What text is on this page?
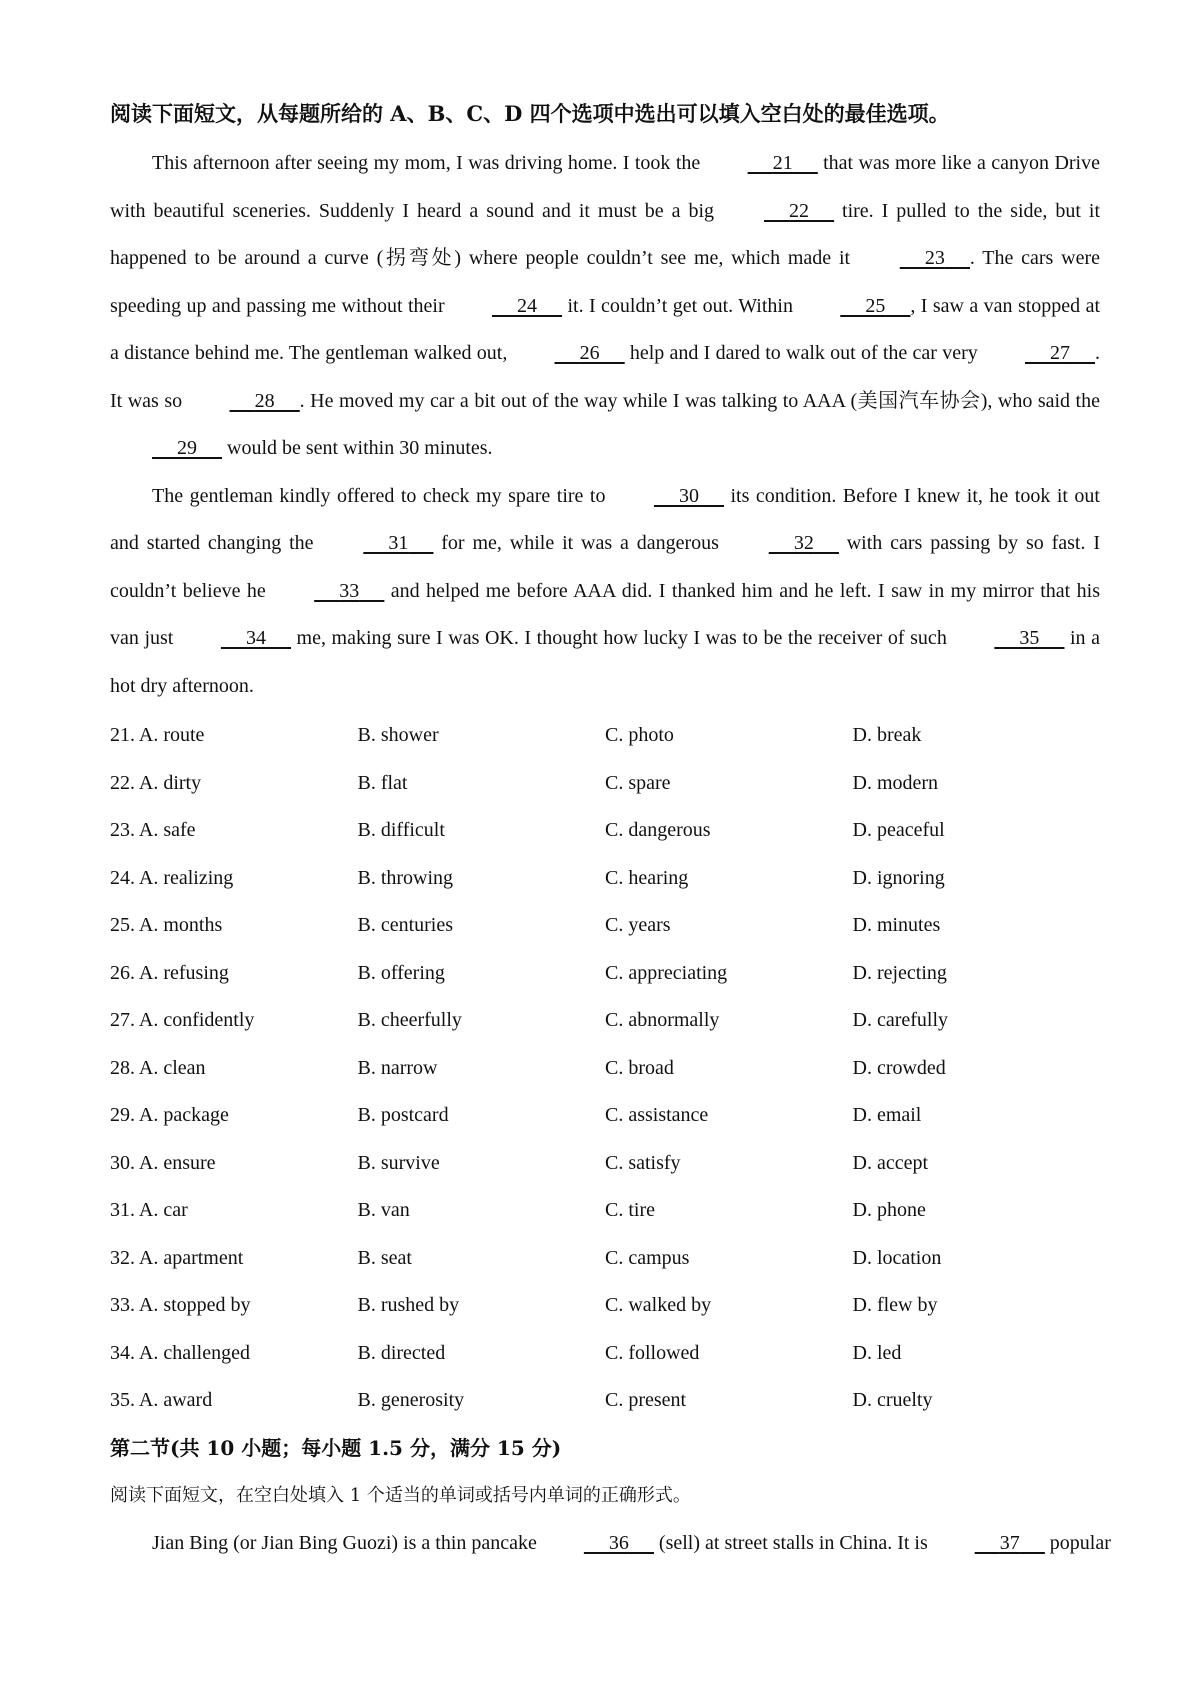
阅读下面短文，从每题所给的 A、B、C、D 四个选项中选出可以填入空白处的最佳选项。

This afternoon after seeing my mom, I was driving home. I took the	21 that was more like a canyon Drive with beautiful sceneries. Suddenly I heard a sound and it must be a big	22 tire. I pulled to the side, but it happened to be around a curve (拐弯处) where people couldn’t see me, which made it	23 . The cars were speeding up and passing me without their	24 it. I couldn’t get out. Within	25 , I saw a van stopped at a distance behind me. The gentleman walked out,	26 help and I dared to walk out of the car very	27 . It was so	28 . He moved my car a bit out of the way while I was talking to AAA (美国汽车协会), who said the 29 would be sent within 30 minutes.

The gentleman kindly offered to check my spare tire to	30 its condition. Before I knew it, he took it out and started changing the	31 for me, while it was a dangerous	32 with cars passing by so fast. I couldn’t believe he	33 and helped me before AAA did. I thanked him and he left. I saw in my mirror that his van just	34 me, making sure I was OK. I thought how lucky I was to be the receiver of such	35 in a hot dry afternoon.

21. A. route	B. shower	C. photo	D. break
22. A. dirty	B. flat	C. spare	D. modern
23. A. safe	B. difficult	C. dangerous	D. peaceful
24. A. realizing	B. throwing	C. hearing	D. ignoring
25. A. months	B. centuries	C. years	D. minutes
26. A. refusing	B. offering	C. appreciating	D. rejecting
27. A. confidently	B. cheerfully	C. abnormally	D. carefully
28. A. clean	B. narrow	C. broad	D. crowded
29. A. package	B. postcard	C. assistance	D. email
30. A. ensure	B. survive	C. satisfy	D. accept
31. A. car	B. van	C. tire	D. phone
32. A. apartment	B. seat	C. campus	D. location
33. A. stopped by	B. rushed by	C. walked by	D. flew by
34. A. challenged	B. directed	C. followed	D. led
35. A. award	B. generosity	C. present	D. cruelty
第二节(共 10 小题；每小题 1.5 分，满分 15 分)
阅读下面短文，在空白处填入 1 个适当的单词或括号内单词的正确形式。

Jian Bing (or Jian Bing Guozi) is a thin pancake	36 (sell) at street stalls in China. It is	37 popular
